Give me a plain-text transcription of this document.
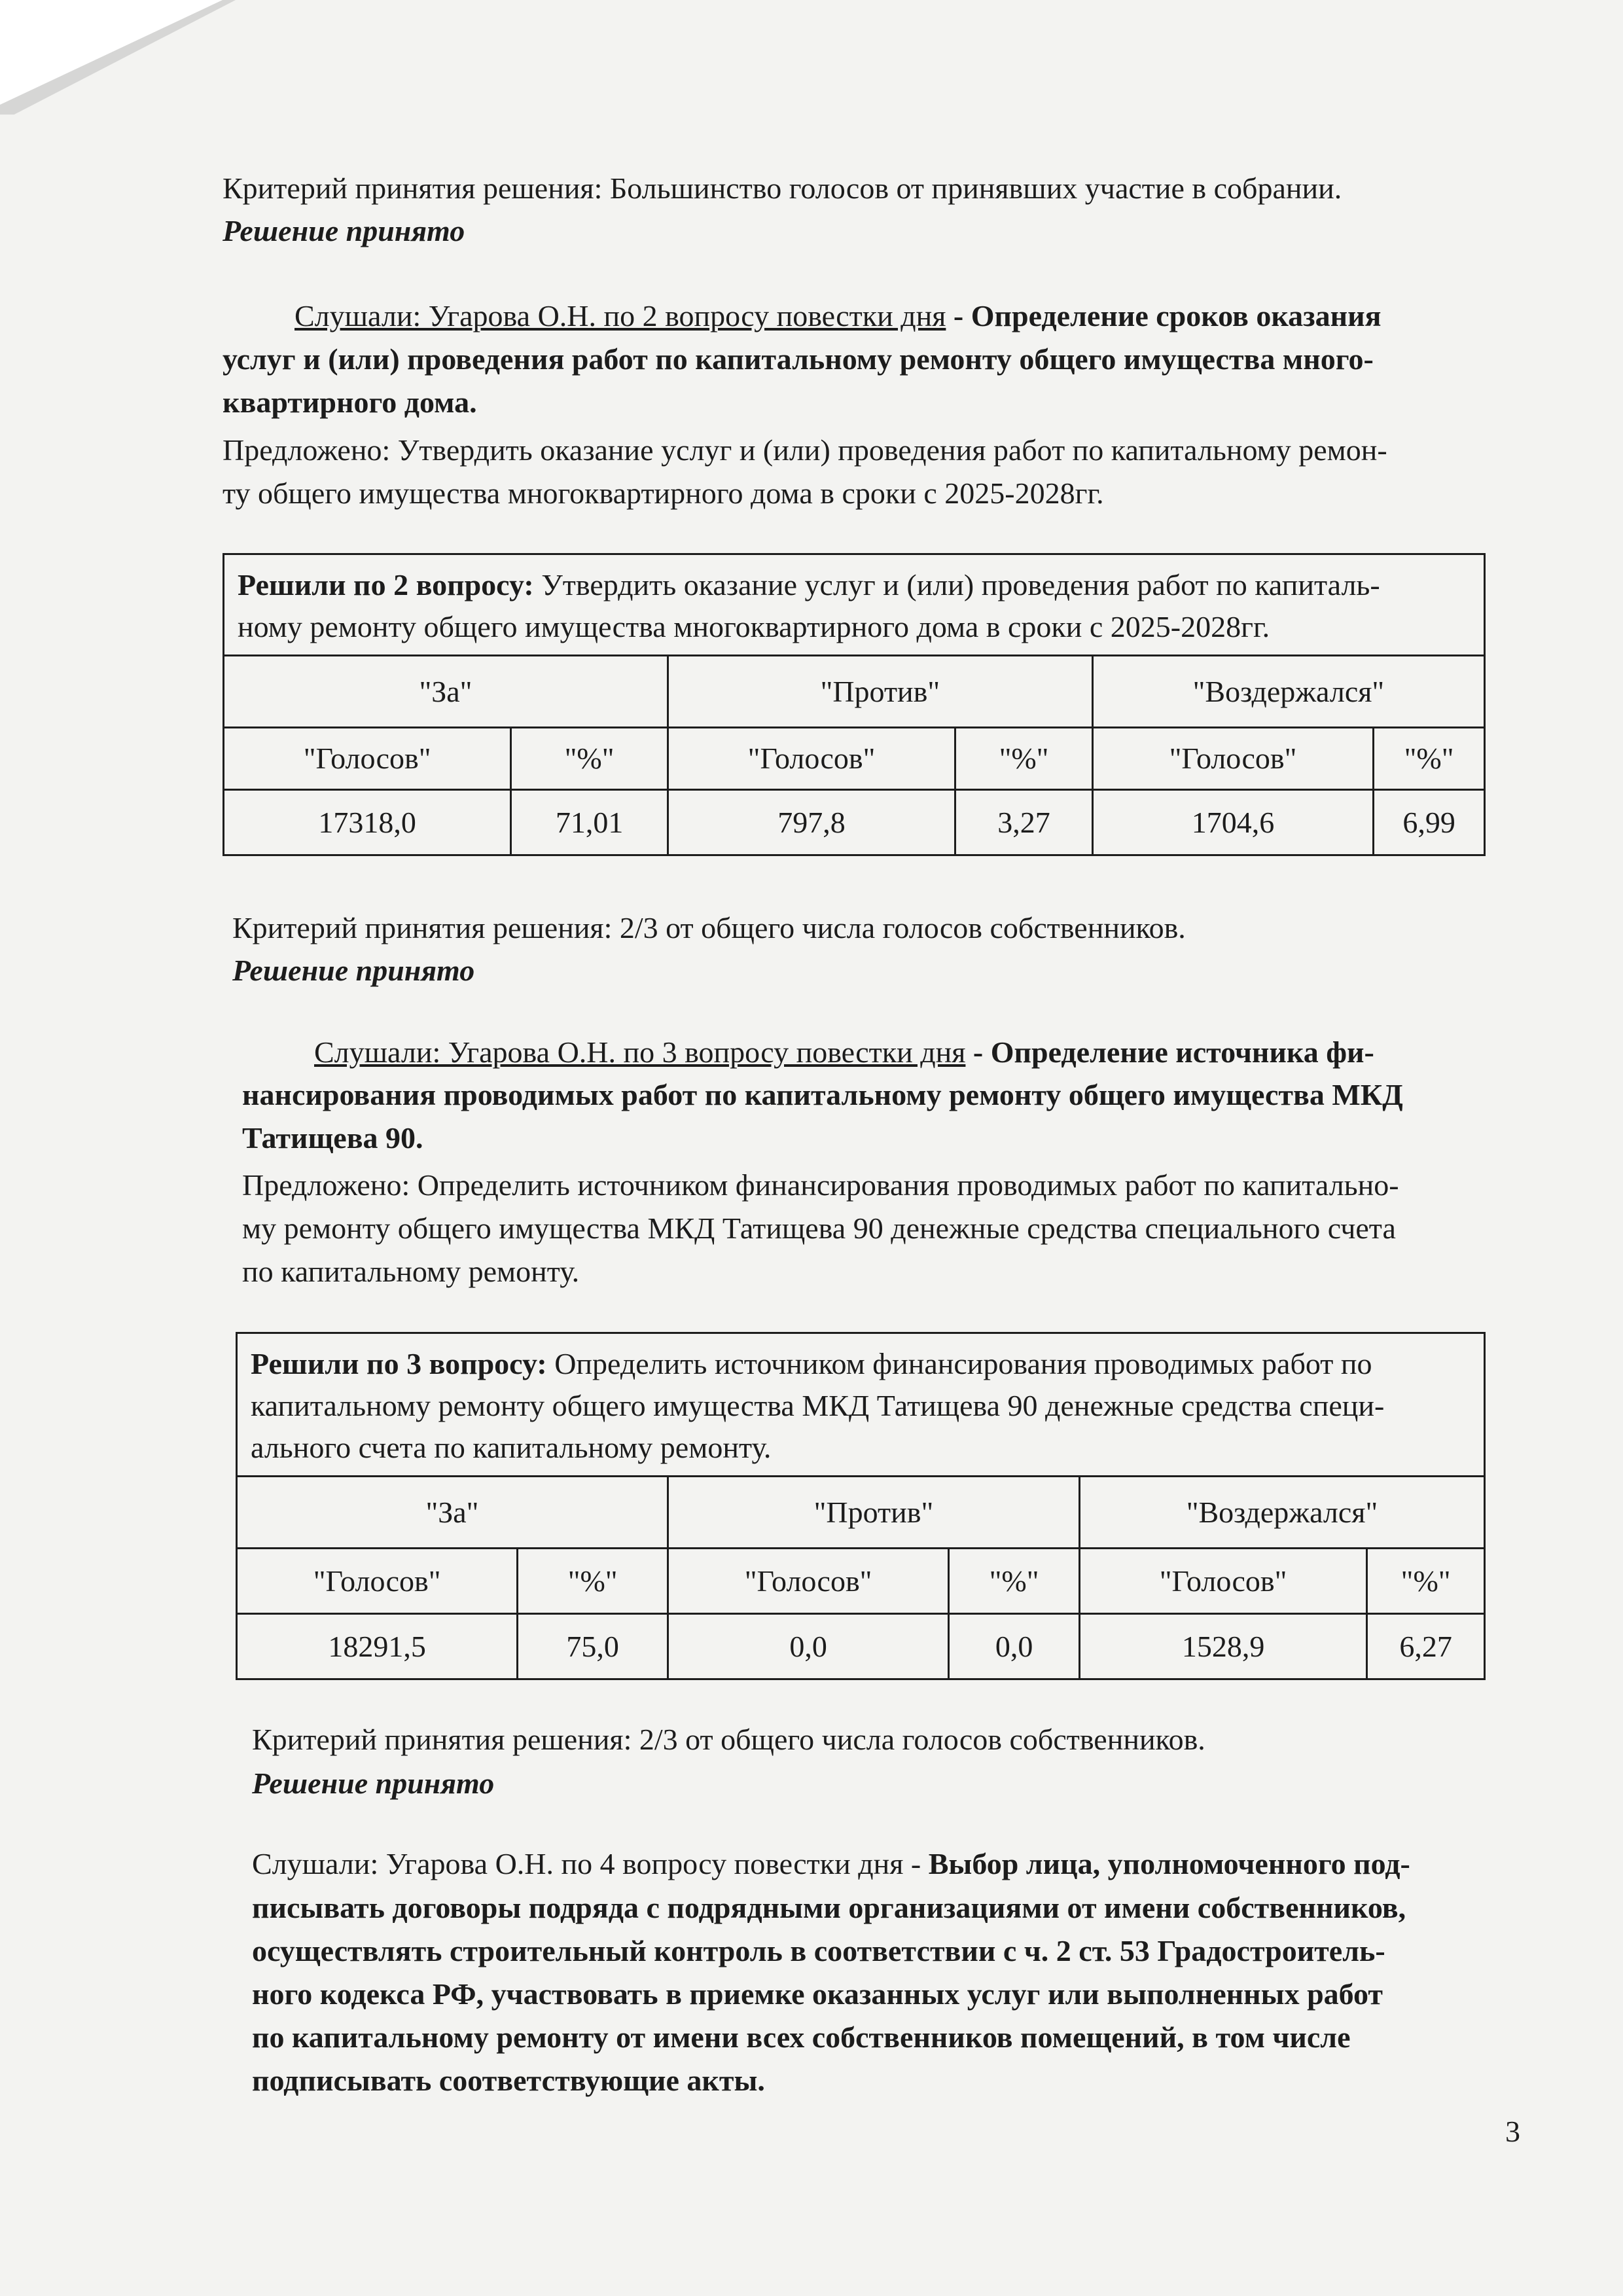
Критерий принятия решения: Большинство голосов от принявших участие в собрании.
Решение принято
Слушали: Угарова О.Н. по 2 вопросу повестки дня - Определение сроков оказания
услуг и (или) проведения работ по капитальному ремонту общего имущества много-
квартирного дома.
Предложено: Утвердить оказание услуг и (или) проведения работ по капитальному ремон-
ту общего имущества многоквартирного дома в сроки с 2025-2028гг.
Решили по 2 вопросу: Утвердить оказание услуг и (или) проведения работ по капиталь-
ному ремонту общего имущества многоквартирного дома в сроки с 2025-2028гг.					
"За"		"Против"		"Воздержался"	
"Голосов"	"%"	"Голосов"	"%"	"Голосов"	"%"
17318,0	71,01	797,8	3,27	1704,6	6,99
Критерий принятия решения: 2/3 от общего числа голосов собственников.
Решение принято
Слушали: Угарова О.Н. по 3 вопросу повестки дня - Определение источника фи-
нансирования проводимых работ по капитальному ремонту общего имущества МКД
Татищева 90.
Предложено: Определить источником финансирования проводимых работ по капитально-
му ремонту общего имущества МКД Татищева 90 денежные средства специального счета
по капитальному ремонту.
Решили по 3 вопросу: Определить источником финансирования проводимых работ по
капитальному ремонту общего имущества МКД Татищева 90 денежные средства специ-
ального счета по капитальному ремонту.					
"За"		"Против"		"Воздержался"	
"Голосов"	"%"	"Голосов"	"%"	"Голосов"	"%"
18291,5	75,0	0,0	0,0	1528,9	6,27
Критерий принятия решения: 2/3 от общего числа голосов собственников.
Решение принято
Слушали: Угарова О.Н. по 4 вопросу повестки дня - Выбор лица, уполномоченного под-
писывать договоры подряда с подрядными организациями от имени собственников,
осуществлять строительный контроль в соответствии с ч. 2 ст. 53 Градостроитель-
ного кодекса РФ, участвовать в приемке оказанных услуг или выполненных работ
по капитальному ремонту от имени всех собственников помещений, в том числе
подписывать соответствующие акты.
3
